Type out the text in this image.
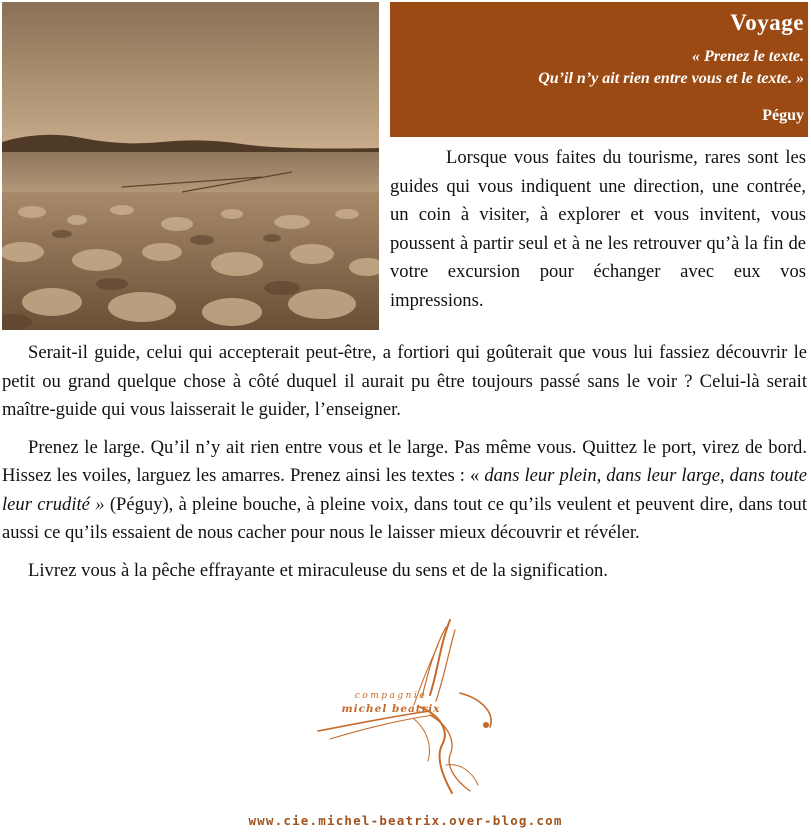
Voyage
« Prenez le texte.
Qu’il n’y ait rien entre vous et le texte. »
Péguy

Lorsque vous faites du tourisme, rares sont les guides qui vous indiquent une direction, une contrée, un coin à visiter, à explorer et vous invitent, vous poussent à partir seul et à ne les retrouver qu’à la fin de votre excursion pour échanger avec eux vos impressions.

Serait-il guide, celui qui accepterait peut-être, a fortiori qui goûterait que vous lui fassiez découvrir le petit ou grand quelque chose à côté duquel il aurait pu être toujours passé sans le voir ? Celui-là serait maître-guide qui vous laisserait le guider, l’enseigner.

Prenez le large. Qu’il n’y ait rien entre vous et le large. Pas même vous. Quittez le port, virez de bord. Hissez les voiles, larguez les amarres. Prenez ainsi les textes : « dans leur plein, dans leur large, dans toute leur crudité » (Péguy), à pleine bouche, à pleine voix, dans tout ce qu’ils veulent et peuvent dire, dans tout aussi ce qu’ils essaient de nous cacher pour nous le laisser mieux découvrir et révéler.

Livrez vous à la pêche effrayante et miraculeuse du sens et de la signification.

compagnie
michel beatrix
www.cie.michel-beatrix.over-blog.com
